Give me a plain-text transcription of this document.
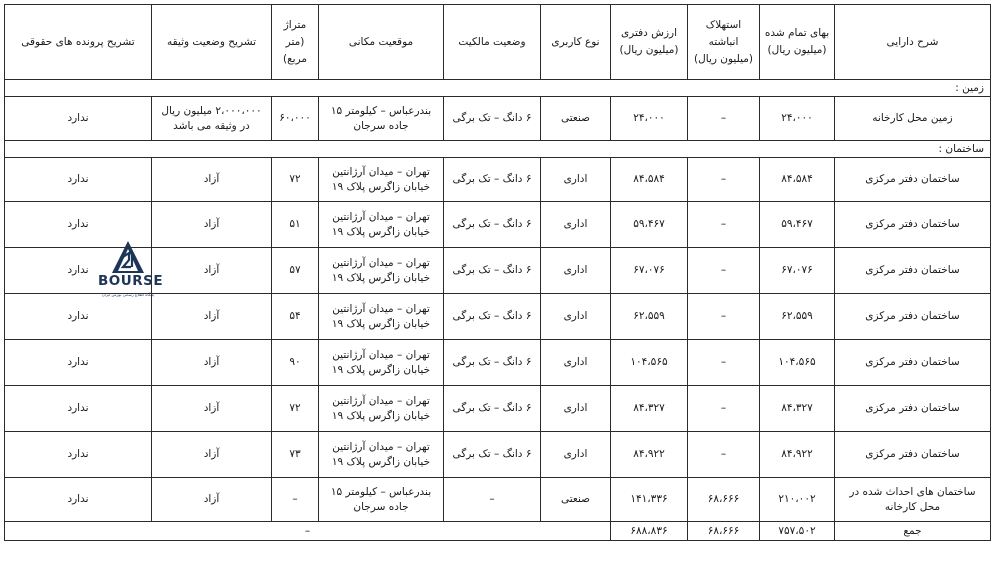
شرح دارایی	بهای تمام شده (میلیون ریال)	استهلاک انباشته (میلیون ریال)	ارزش دفتری (میلیون ریال)	نوع کاربری	وضعیت مالکیت	موقعیت مکانی	متراژ (متر مربع)	تشریح وضعیت وثیقه	تشریح پرونده های حقوقی
زمین :									
زمین محل کارخانه	۲۴،۰۰۰	–	۲۴،۰۰۰	صنعتی	۶ دانگ – تک برگی	بندرعباس – کیلومتر ۱۵ جاده سرجان	۶۰،۰۰۰	۲،۰۰۰،۰۰۰ میلیون ریال در وثیقه می باشد	ندارد
ساختمان :									
ساختمان دفتر مرکزی	۸۴،۵۸۴	–	۸۴،۵۸۴	اداری	۶ دانگ – تک برگی	تهران – میدان آرژانتین خیابان زاگرس پلاک ۱۹	۷۲	آزاد	ندارد
ساختمان دفتر مرکزی	۵۹،۴۶۷	–	۵۹،۴۶۷	اداری	۶ دانگ – تک برگی	تهران – میدان آرژانتین خیابان زاگرس پلاک ۱۹	۵۱	آزاد	ندارد
ساختمان دفتر مرکزی	۶۷،۰۷۶	–	۶۷،۰۷۶	اداری	۶ دانگ – تک برگی	تهران – میدان آرژانتین خیابان زاگرس پلاک ۱۹	۵۷	آزاد	ندارد
ساختمان دفتر مرکزی	۶۲،۵۵۹	–	۶۲،۵۵۹	اداری	۶ دانگ – تک برگی	تهران – میدان آرژانتین خیابان زاگرس پلاک ۱۹	۵۴	آزاد	ندارد
ساختمان دفتر مرکزی	۱۰۴،۵۶۵	–	۱۰۴،۵۶۵	اداری	۶ دانگ – تک برگی	تهران – میدان آرژانتین خیابان زاگرس پلاک ۱۹	۹۰	آزاد	ندارد
ساختمان دفتر مرکزی	۸۴،۳۲۷	–	۸۴،۳۲۷	اداری	۶ دانگ – تک برگی	تهران – میدان آرژانتین خیابان زاگرس پلاک ۱۹	۷۲	آزاد	ندارد
ساختمان دفتر مرکزی	۸۴،۹۲۲	–	۸۴،۹۲۲	اداری	۶ دانگ – تک برگی	تهران – میدان آرژانتین خیابان زاگرس پلاک ۱۹	۷۳	آزاد	ندارد
ساختمان های احداث شده در محل کارخانه	۲۱۰،۰۰۲	۶۸،۶۶۶	۱۴۱،۳۳۶	صنعتی	–	بندرعباس – کیلومتر ۱۵ جاده سرجان	–	آزاد	ندارد
جمع	۷۵۷،۵۰۲	۶۸،۶۶۶	۶۸۸،۸۳۶	–					
BOURSE
پایگاه اطلاع رسانی بورس ایران
